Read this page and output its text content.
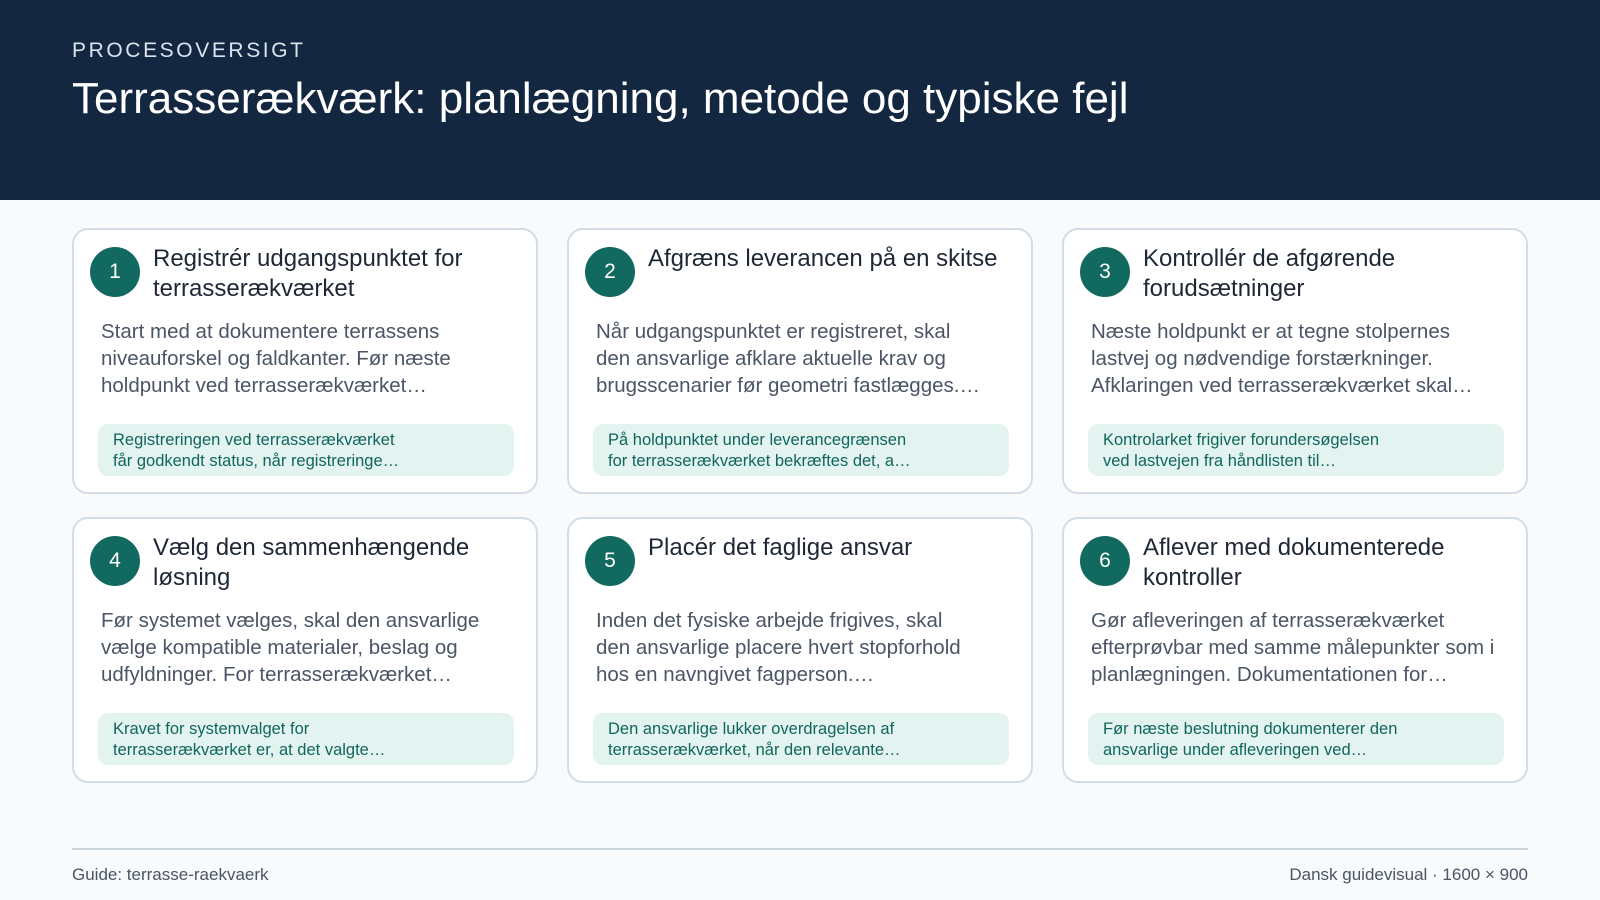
PROCESOVERSIGT

Terrasserækværk: planlægning, metode og typiske fejl
1	Registrér udgangspunktet for terrasserækværket

Start med at dokumentere terrassens
niveauforskel og faldkanter. Før næste
holdpunkt ved terrasserækværket…

Registreringen ved terrasserækværket
får godkendt status, når registreringe…
2	Afgræns leverancen på en skitse

Når udgangspunktet er registreret, skal
den ansvarlige afklare aktuelle krav og
brugsscenarier før geometri fastlægges.…

På holdpunktet under leverancegrænsen
for terrasserækværket bekræftes det, a…
3	Kontrollér de afgørende forudsætninger

Næste holdpunkt er at tegne stolpernes
lastvej og nødvendige forstærkninger.
Afklaringen ved terrasserækværket skal…

Kontrolarket frigiver forundersøgelsen
ved lastvejen fra håndlisten til…
4	Vælg den sammenhængende løsning

Før systemet vælges, skal den ansvarlige
vælge kompatible materialer, beslag og
udfyldninger. For terrasserækværket…

Kravet for systemvalget for
terrasserækværket er, at det valgte…
5	Placér det faglige ansvar

Inden det fysiske arbejde frigives, skal
den ansvarlige placere hvert stopforhold
hos en navngivet fagperson.…

Den ansvarlige lukker overdragelsen af
terrasserækværket, når den relevante…
6	Aflever med dokumenterede kontroller

Gør afleveringen af terrasserækværket
efterprøvbar med samme målepunkter som i
planlægningen. Dokumentationen for…

Før næste beslutning dokumenterer den
ansvarlige under afleveringen ved…
Guide: terrasse-raekvaerk	Dansk guidevisual · 1600 × 900
